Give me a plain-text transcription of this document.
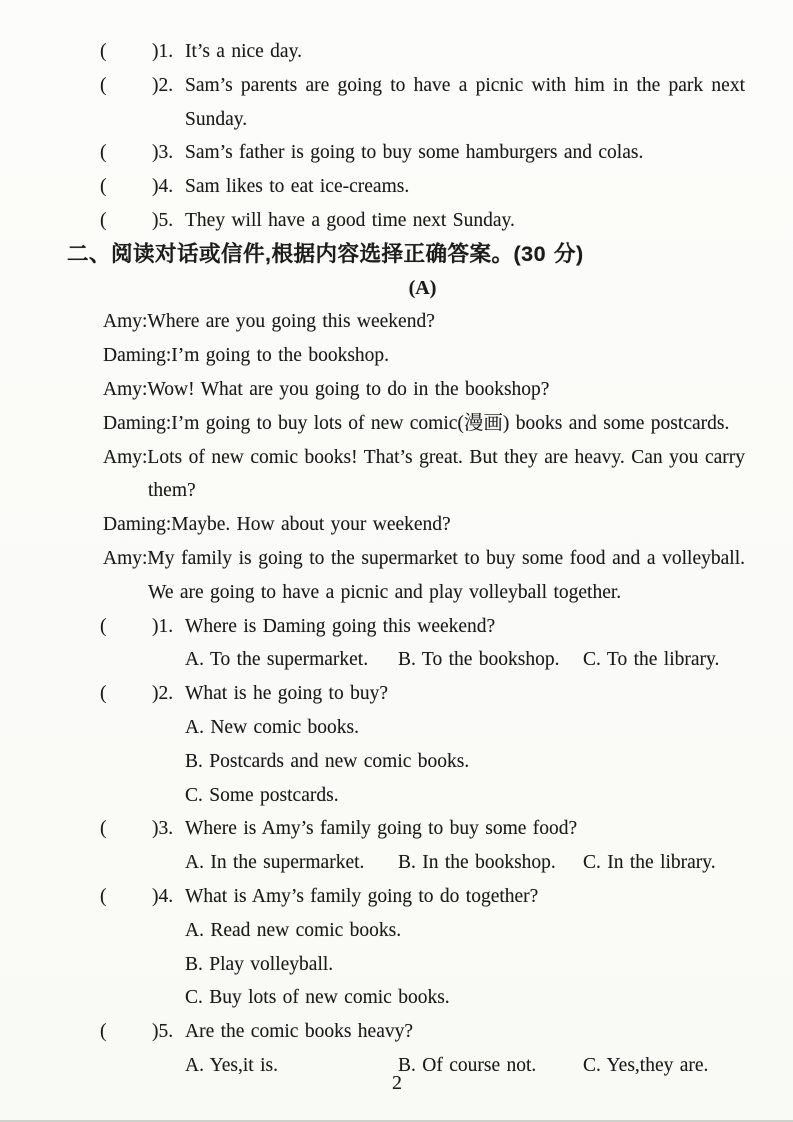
(	)1. It’s a nice day.
(	)2. Sam’s parents are going to have a picnic with him in the park next Sunday.
(	)3. Sam’s father is going to buy some hamburgers and colas.
(	)4. Sam likes to eat ice-creams.
(	)5. They will have a good time next Sunday.
二、阅读对话或信件,根据内容选择正确答案。(30 分)
(A)
Amy:Where are you going this weekend?
Daming:I’m going to the bookshop.
Amy:Wow! What are you going to do in the bookshop?
Daming:I’m going to buy lots of new comic(漫画) books and some postcards.
Amy:Lots of new comic books! That’s great. But they are heavy. Can you carry them?
Daming:Maybe. How about your weekend?
Amy:My family is going to the supermarket to buy some food and a volleyball. We are going to have a picnic and play volleyball together.
(	)1. Where is Daming going this weekend?
A. To the supermarket.	B. To the bookshop.	C. To the library.
(	)2. What is he going to buy?
A. New comic books.
B. Postcards and new comic books.
C. Some postcards.
(	)3. Where is Amy’s family going to buy some food?
A. In the supermarket.	B. In the bookshop.	C. In the library.
(	)4. What is Amy’s family going to do together?
A. Read new comic books.
B. Play volleyball.
C. Buy lots of new comic books.
(	)5. Are the comic books heavy?
A. Yes,it is.	B. Of course not.	C. Yes,they are.
2
